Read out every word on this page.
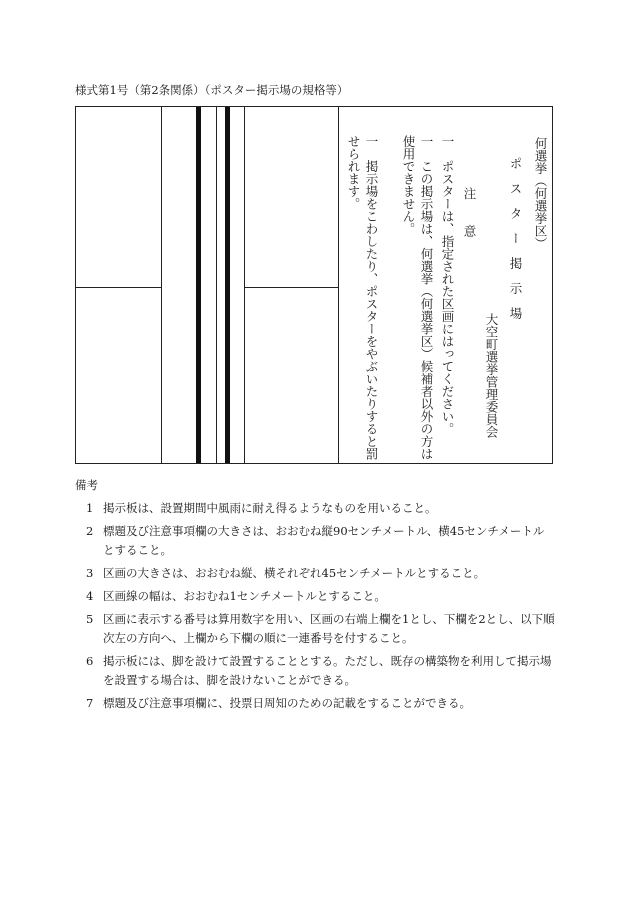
様式第1号（第2条関係）（ポスター掲示場の規格等）
何選挙（何選挙区）
ポ　ス　タ　ー　掲　示　場
大空町選挙管理委員会
注　　意
一　ポスターは、指定された区画にはってください。
一　この掲示場は、何選挙（何選挙区）候補者以外の方は使用できません。
一　掲示場をこわしたり、ポスターをやぶいたりすると罰せられます。
備考
1 掲示板は、設置期間中風雨に耐え得るようなものを用いること。
2 標題及び注意事項欄の大きさは、おおむね縦90センチメートル、横45センチメートルとすること。
3 区画の大きさは、おおむね縦、横それぞれ45センチメートルとすること。
4 区画線の幅は、おおむね1センチメートルとすること。
5 区画に表示する番号は算用数字を用い、区画の右端上欄を1とし、下欄を2とし、以下順次左の方向へ、上欄から下欄の順に一連番号を付すること。
6 掲示板には、脚を設けて設置することとする。ただし、既存の構築物を利用して掲示場を設置する場合は、脚を設けないことができる。
7 標題及び注意事項欄に、投票日周知のための記載をすることができる。
